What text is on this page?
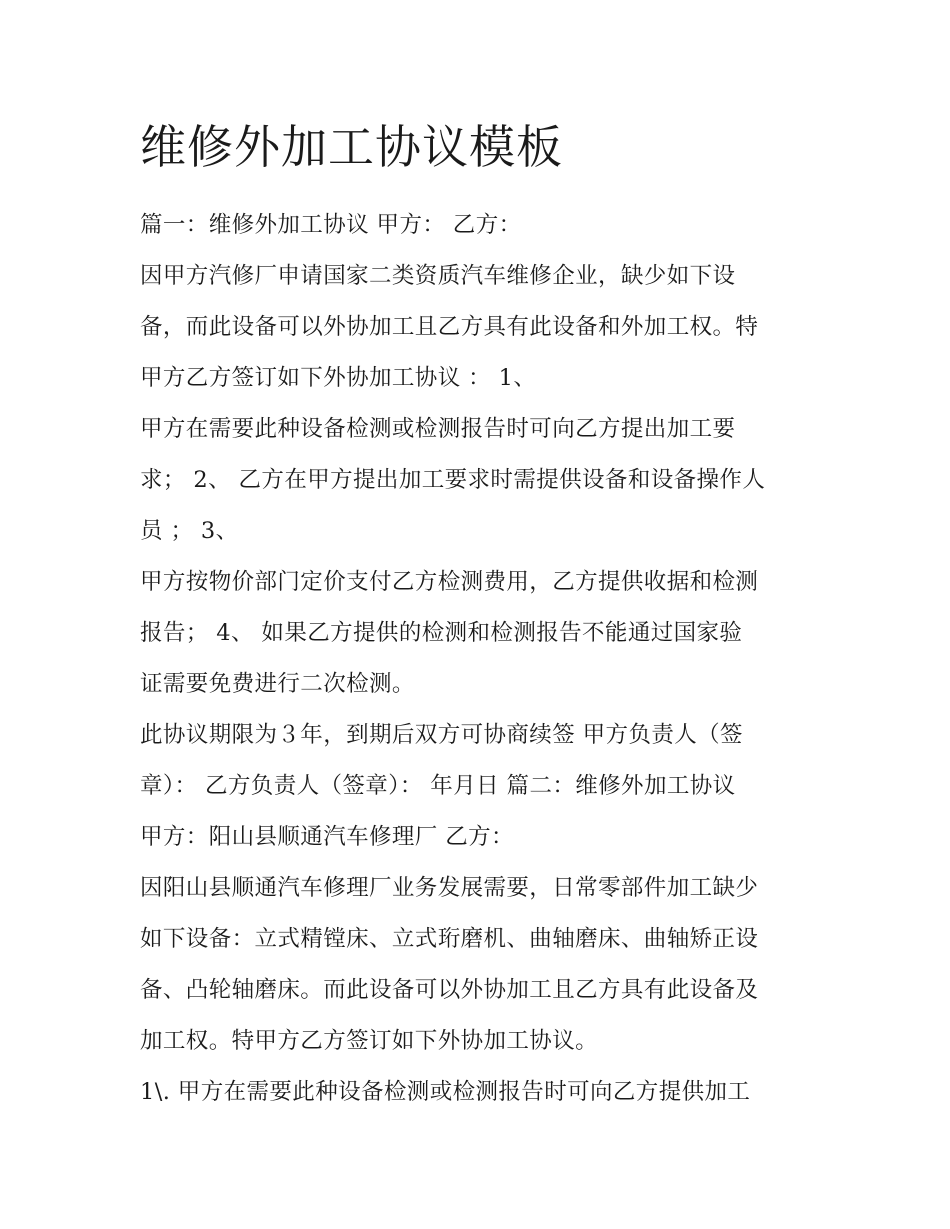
维修外加工协议模板
篇一：维修外加工协议 甲方： 乙方：
因甲方汽修厂申请国家二类资质汽车维修企业，缺少如下设
备，而此设备可以外协加工且乙方具有此设备和外加工权。特
甲方乙方签订如下外协加工协议 ： 1、
甲方在需要此种设备检测或检测报告时可向乙方提出加工要
求； 2、 乙方在甲方提出加工要求时需提供设备和设备操作人
员 ； 3、
甲方按物价部门定价支付乙方检测费用，乙方提供收据和检测
报告； 4、 如果乙方提供的检测和检测报告不能通过国家验
证需要免费进行二次检测。
此协议期限为３年，到期后双方可协商续签 甲方负责人（签
章）： 乙方负责人（签章）： 年月日 篇二：维修外加工协议
甲方：阳山县顺通汽车修理厂 乙方：
因阳山县顺通汽车修理厂业务发展需要，日常零部件加工缺少
如下设备：立式精镗床、立式珩磨机、曲轴磨床、曲轴矫正设
备、凸轮轴磨床。而此设备可以外协加工且乙方具有此设备及
加工权。特甲方乙方签订如下外协加工协议。
1\. 甲方在需要此种设备检测或检测报告时可向乙方提供加工
